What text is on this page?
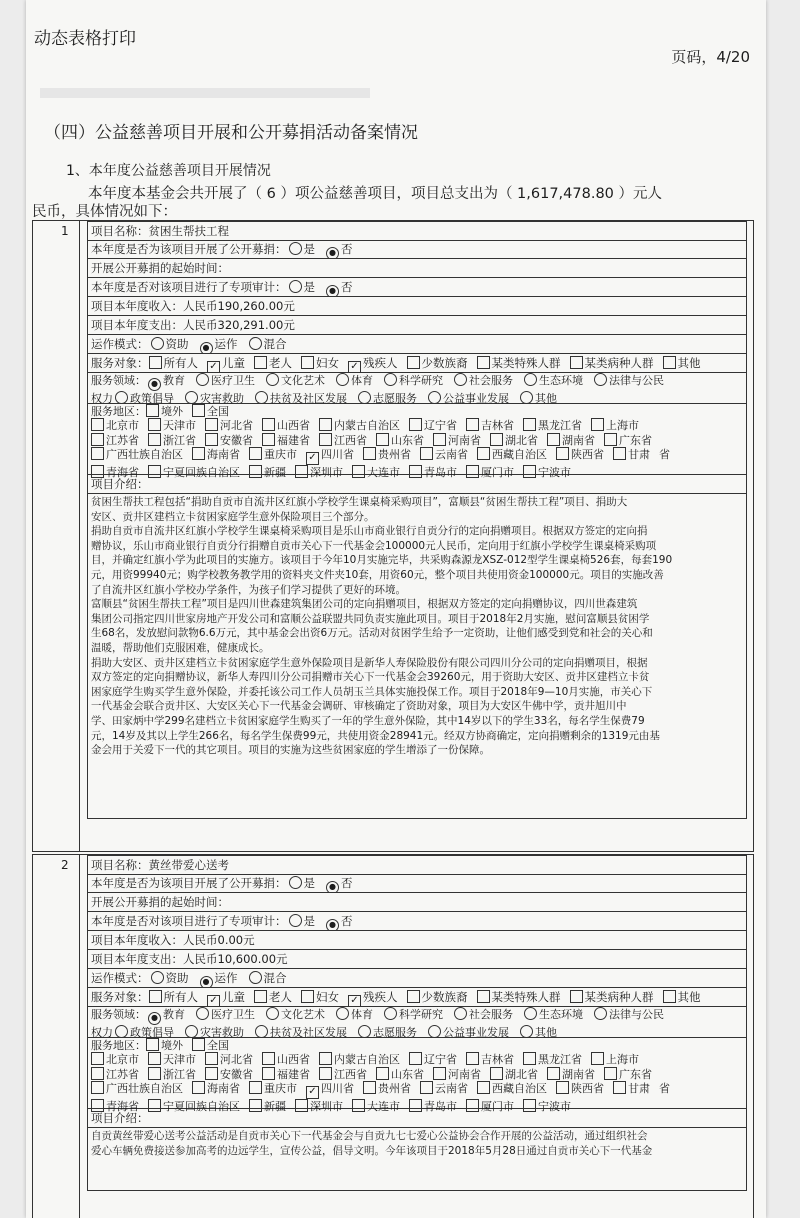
动态表格打印
页码，4/20
（四）公益慈善项目开展和公开募捐活动备案情况
1、本年度公益慈善项目开展情况
本年度本基金会共开展了（ 6 ）项公益慈善项目，项目总支出为（ 1,617,478.80 ）元人
民币，具体情况如下：
1	项目名称：贫困生帮扶工程
本年度是否为该项目开展了公开募捐： 是 ● 否
开展公开募捐的起始时间：
本年度是否对该项目进行了专项审计： 是 ● 否
项目本年度收入：人民币190,260.00元
项目本年度支出：人民币320,291.00元
运作模式： 资助 ● 运作 混合
服务对象： 所有人 ✓ 儿童 老人 妇女 ✓ 残疾人 少数族裔 某类特殊人群 某类病种人群 其他
服务领域： ● 教育 医疗卫生 文化艺术 体育 科学研究 社会服务 生态环境 法律与公民
权力 政策倡导 灾害救助 扶贫及社区发展 志愿服务 公益事业发展 其他
服务地区： 境外 全国
北京市 天津市 河北省 山西省 内蒙古自治区 辽宁省 吉林省 黑龙江省 上海市
江苏省 浙江省 安徽省 福建省 江西省 山东省 河南省 湖北省 湖南省 广东省
广西壮族自治区 海南省 重庆市 ✓ 四川省 贵州省 云南省 西藏自治区 陕西省 甘肃 省
青海省 宁夏回族自治区 新疆 深圳市 大连市 青岛市 厦门市 宁波市
项目介绍：

贫困生帮扶工程包括“捐助自贡市自流井区红旗小学校学生课桌椅采购项目”，富顺县“贫困生帮扶工程”项目、捐助大

安区、贡井区建档立卡贫困家庭学生意外保险项目三个部分。

捐助自贡市自流井区红旗小学校学生课桌椅采购项目是乐山市商业银行自贡分行的定向捐赠项目。根据双方签定的定向捐

赠协议，乐山市商业银行自贡分行捐赠自贡市关心下一代基金会100000元人民币，定向用于红旗小学校学生课桌椅采购项

目，并确定红旗小学为此项目的实施方。该项目于今年10月实施完毕，共采购森源龙XSZ-012型学生课桌椅526套，每套190

元，用资99940元；购学校教务教学用的资料夹文件夹10套，用资60元，整个项目共使用资金100000元。项目的实施改善

了自流井区红旗小学校办学条件，为孩子们学习提供了更好的环境。

富顺县“贫困生帮扶工程”项目是四川世森建筑集团公司的定向捐赠项目，根据双方签定的定向捐赠协议，四川世森建筑

集团公司指定四川世家房地产开发公司和富顺公益联盟共同负责实施此项目。项目于2018年2月实施，慰问富顺县贫困学

生68名，发放慰问款物6.6万元，其中基金会出资6万元。活动对贫困学生给予一定资助，让他们感受到党和社会的关心和

温暖，帮助他们克服困难，健康成长。

捐助大安区、贡井区建档立卡贫困家庭学生意外保险项目是新华人寿保险股份有限公司四川分公司的定向捐赠项目，根据

双方签定的定向捐赠协议，新华人寿四川分公司捐赠市关心下一代基金会39260元，用于资助大安区、贡井区建档立卡贫

困家庭学生购买学生意外保险，并委托该公司工作人员胡玉兰具体实施投保工作。项目于2018年9—10月实施，市关心下

一代基金会联合贡井区、大安区关心下一代基金会调研、审核确定了资助对象，项目为大安区牛佛中学，贡井旭川中

学、田家炳中学299名建档立卡贫困家庭学生购买了一年的学生意外保险，其中14岁以下的学生33名，每名学生保费79

元，14岁及其以上学生266名，每名学生保费99元，共使用资金28941元。经双方协商确定，定向捐赠剩余的1319元由基

金会用于关爱下一代的其它项目。项目的实施为这些贫困家庭的学生增添了一份保障。

2	项目名称：黄丝带爱心送考
本年度是否为该项目开展了公开募捐： 是 ● 否
开展公开募捐的起始时间：
本年度是否对该项目进行了专项审计： 是 ● 否
项目本年度收入：人民币0.00元
项目本年度支出：人民币10,600.00元
运作模式： 资助 ● 运作 混合
服务对象： 所有人 ✓ 儿童 老人 妇女 ✓ 残疾人 少数族裔 某类特殊人群 某类病种人群 其他
服务领域： ● 教育 医疗卫生 文化艺术 体育 科学研究 社会服务 生态环境 法律与公民
权力 政策倡导 灾害救助 扶贫及社区发展 志愿服务 公益事业发展 其他
服务地区： 境外 全国
北京市 天津市 河北省 山西省 内蒙古自治区 辽宁省 吉林省 黑龙江省 上海市
江苏省 浙江省 安徽省 福建省 江西省 山东省 河南省 湖北省 湖南省 广东省
广西壮族自治区 海南省 重庆市 ✓ 四川省 贵州省 云南省 西藏自治区 陕西省 甘肃 省
青海省 宁夏回族自治区 新疆 深圳市 大连市 青岛市 厦门市 宁波市
项目介绍：

自贡黄丝带爱心送考公益活动是自贡市关心下一代基金会与自贡九七七爱心公益协会合作开展的公益活动，通过组织社会

爱心车辆免费接送参加高考的边远学生，宣传公益，倡导文明。今年该项目于2018年5月28日通过自贡市关心下一代基金
